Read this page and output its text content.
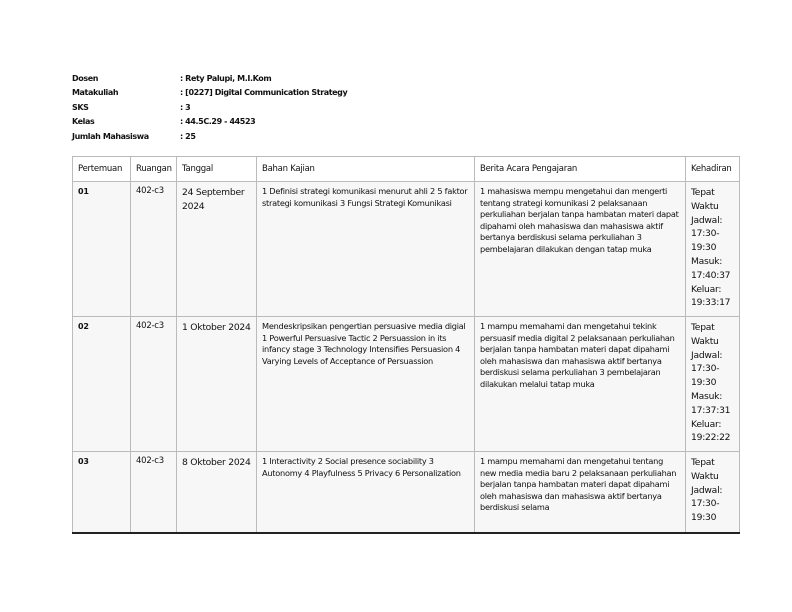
Dosen	: Rety Palupi, M.I.Kom
Matakuliah	: [0227] Digital Communication Strategy
SKS	: 3
Kelas	: 44.5C.29 - 44523
Jumlah Mahasiswa	: 25
Pertemuan	Ruangan	Tanggal	Bahan Kajian	Berita Acara Pengajaran	Kehadiran
01	402-c3	24 September 2024	1 Definisi strategi komunikasi menurut ahli 2 5 faktor strategi komunikasi 3 Fungsi Strategi Komunikasi	1 mahasiswa mempu mengetahui dan mengerti tentang strategi komunikasi 2 pelaksanaan perkuliahan berjalan tanpa hambatan materi dapat dipahami oleh mahasiswa dan mahasiswa aktif bertanya berdiskusi selama perkuliahan 3 pembelajaran dilakukan dengan tatap muka	Tepat Waktu Jadwal: 17:30-19:30 Masuk: 17:40:37 Keluar: 19:33:17
02	402-c3	1 Oktober 2024	Mendeskripsikan pengertian persuasive media digial 1 Powerful Persuasive Tactic 2 Persuassion in its infancy stage 3 Technology Intensifies Persuasion 4 Varying Levels of Acceptance of Persuassion	1 mampu memahami dan mengetahui tekink persuasif media digital 2 pelaksanaan perkuliahan berjalan tanpa hambatan materi dapat dipahami oleh mahasiswa dan mahasiswa aktif bertanya berdiskusi selama perkuliahan 3 pembelajaran dilakukan melalui tatap muka	Tepat Waktu Jadwal: 17:30-19:30 Masuk: 17:37:31 Keluar: 19:22:22
03	402-c3	8 Oktober 2024	1 Interactivity 2 Social presence sociability 3 Autonomy 4 Playfulness 5 Privacy 6 Personalization	1 mampu memahami dan mengetahui tentang new media media baru 2 pelaksanaan perkuliahan berjalan tanpa hambatan materi dapat dipahami oleh mahasiswa dan mahasiswa aktif bertanya berdiskusi selama	Tepat Waktu Jadwal: 17:30-19:30
